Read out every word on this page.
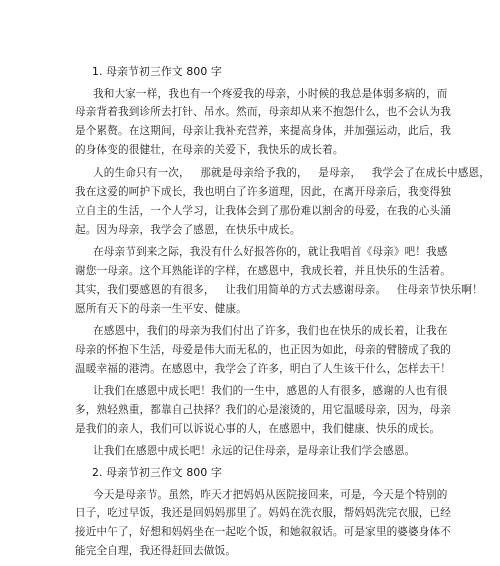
1. 母亲节初三作文 800 字
我和大家一样，我也有一个疼爱我的母亲，小时候的我总是体弱多病的，而
母亲背着我到诊所去打针、吊水。然而，母亲却从来不抱怨什么，也不会认为我
是个累赘。在这期间，母亲让我补充营养，来提高身体，并加强运动，此后，我
的身体变的很健壮，在母亲的关爱下，我快乐的成长着。
人的生命只有一次，   那就是母亲给予我的，   是母亲，   我学会了在成长中感恩，
我在这爱的呵护下成长，我也明白了许多道理，因此，在离开母亲后，我变得独
立自主的生活，一个人学习，让我体会到了那份难以割舍的母爱，在我的心头涌
起。因为母亲，我学会了感恩，在快乐中成长。
在母亲节到来之际，我没有什么好报答你的，就让我唱首《母亲》吧！我感
谢您一母亲。这个耳熟能详的字样，在感恩中，我成长着，并且快乐的生活着。
其实，我们要感恩的有很多，   让我们用简单的方式去感谢母亲。   住母亲节快乐啊！
愿所有天下的母亲一生平安、健康。
在感恩中，我们的母亲为我们付出了许多，我们也在快乐的成长着，让我在
母亲的怀抱下生活，母爱是伟大而无私的，也正因为如此，母亲的臂膀成了我的
温暖幸福的港湾。在感恩中，我学会了许多，明白了人生该干什么，怎样去干！
让我们在感恩中成长吧！我们的一生中，感恩的人有很多，感谢的人也有很
多，熟轻熟重，都靠自己抉择？我们的心是滚烫的，用它温暖母亲，因为，母亲
是我们的亲人，我们可以诉说心事的人，在感恩中，我们健康、快乐的成长。
让我们在感恩中成长吧！永远的记住母亲，是母亲让我们学会感恩。
2. 母亲节初三作文 800 字
今天是母亲节。虽然，昨天才把妈妈从医院接回来，可是，今天是个特别的
日子，吃过早饭，我还是回妈妈那里了。妈妈在洗衣服，帮妈妈洗完衣服，已经
接近中午了，好想和妈妈坐在一起吃个饭，和她叙叙话。可是家里的婆婆身体不
能完全自理，我还得赶回去做饭。
